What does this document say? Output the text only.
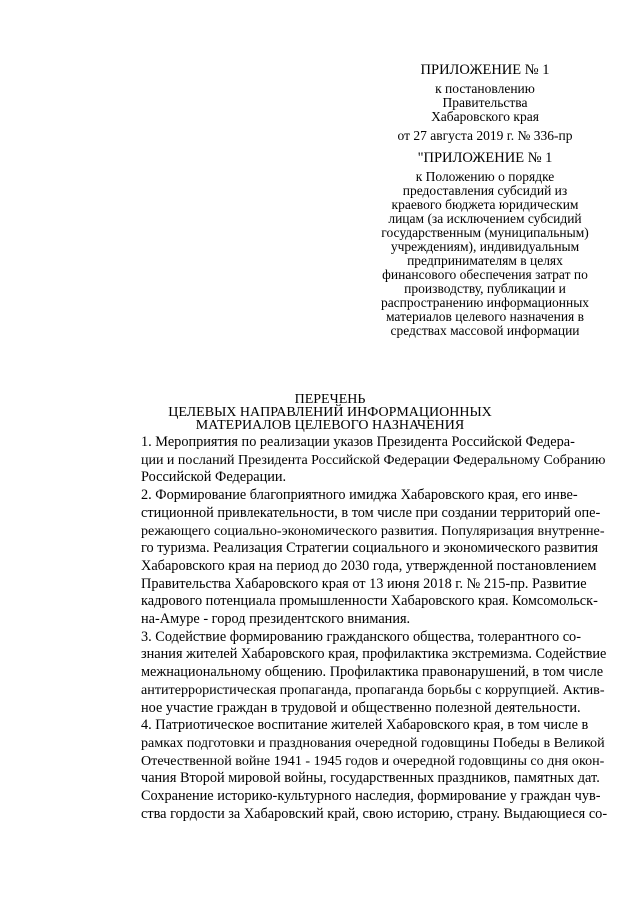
ПРИЛОЖЕНИЕ № 1
к постановлению
Правительства
Хабаровского края
от 27 августа 2019 г. № 336-пр
"ПРИЛОЖЕНИЕ № 1
к Положению о порядке
предоставления субсидий из
краевого бюджета юридическим
лицам (за исключением субсидий
государственным (муниципальным)
учреждениям), индивидуальным
предпринимателям в целях
финансового обеспечения затрат по
производству, публикации и
распространению информационных
материалов целевого назначения в
средствах массовой информации
ПЕРЕЧЕНЬ
ЦЕЛЕВЫХ НАПРАВЛЕНИЙ ИНФОРМАЦИОННЫХ
МАТЕРИАЛОВ ЦЕЛЕВОГО НАЗНАЧЕНИЯ

1. Мероприятия по реализации указов Президента Российской Федера-
ции и посланий Президента Российской Федерации Федеральному Собранию
Российской Федерации.

2. Формирование благоприятного имиджа Хабаровского края, его инве-
стиционной привлекательности, в том числе при создании территорий опе-
режающего социально-экономического развития. Популяризация внутренне-
го туризма. Реализация Стратегии социального и экономического развития
Хабаровского края на период до 2030 года, утвержденной постановлением
Правительства Хабаровского края от 13 июня 2018 г. № 215-пр. Развитие
кадрового потенциала промышленности Хабаровского края. Комсомольск-
на-Амуре - город президентского внимания.

3. Содействие формированию гражданского общества, толерантного со-
знания жителей Хабаровского края, профилактика экстремизма. Содействие
межнациональному общению. Профилактика правонарушений, в том числе
антитеррористическая пропаганда, пропаганда борьбы с коррупцией. Актив-
ное участие граждан в трудовой и общественно полезной деятельности.

4. Патриотическое воспитание жителей Хабаровского края, в том числе в
рамках подготовки и празднования очередной годовщины Победы в Великой
Отечественной войне 1941 - 1945 годов и очередной годовщины со дня окон-
чания Второй мировой войны, государственных праздников, памятных дат.
Сохранение историко-культурного наследия, формирование у граждан чув-
ства гордости за Хабаровский край, свою историю, страну. Выдающиеся со-
